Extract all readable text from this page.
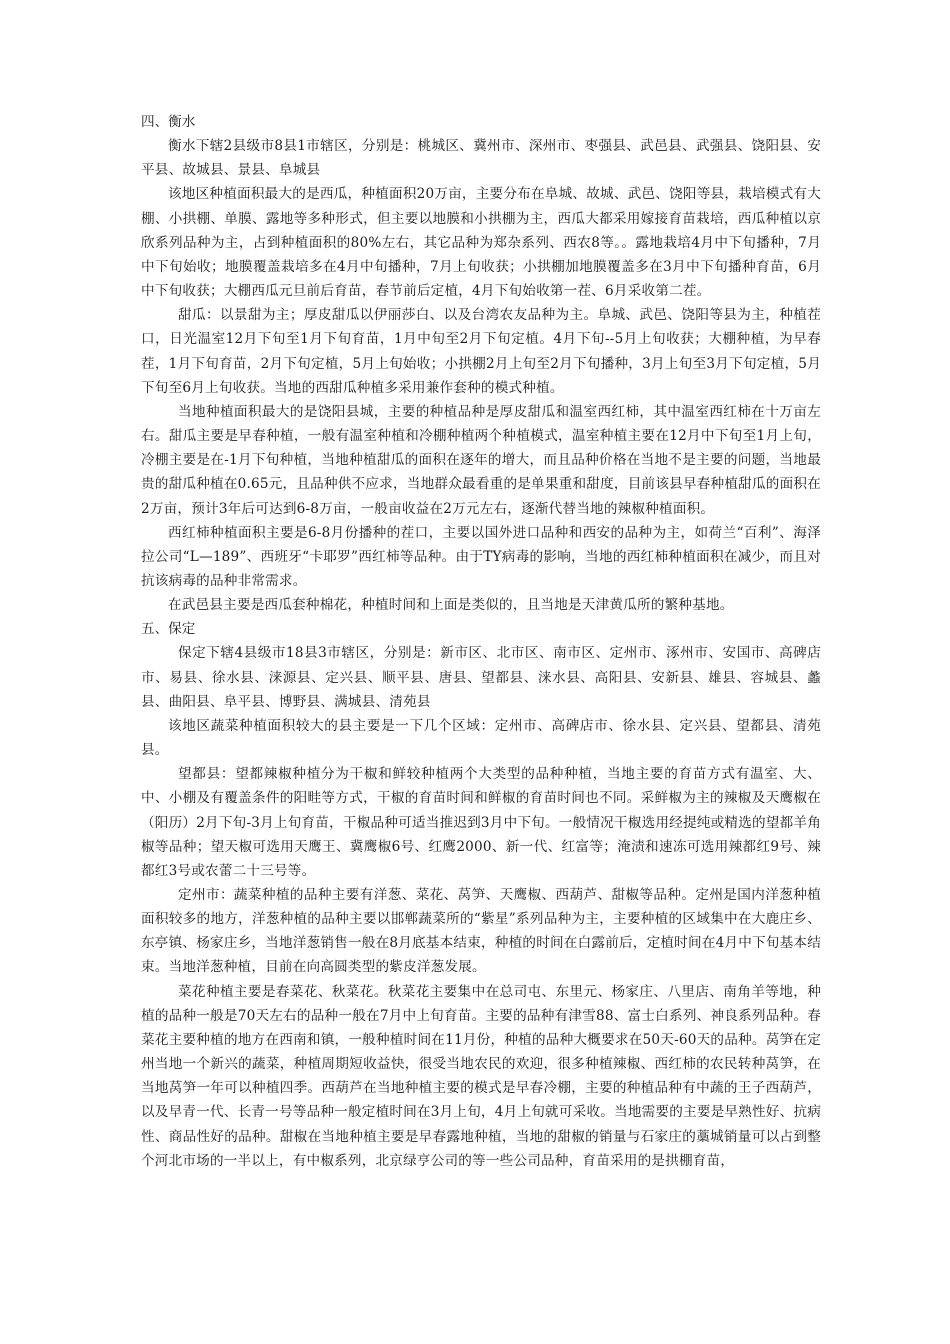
四、衡水

衡水下辖2县级市8县1市辖区，分别是：桃城区、冀州市、深州市、枣强县、武邑县、武强县、饶阳县、安平县、故城县、景县、阜城县

该地区种植面积最大的是西瓜，种植面积20万亩，主要分布在阜城、故城、武邑、饶阳等县，栽培模式有大棚、小拱棚、单膜、露地等多种形式，但主要以地膜和小拱棚为主，西瓜大都采用嫁接育苗栽培，西瓜种植以京欣系列品种为主，占到种植面积的80%左右，其它品种为郑杂系列、西农8等。。露地栽培4月中下旬播种，7月中下旬始收；地膜覆盖栽培多在4月中旬播种，7月上旬收获；小拱棚加地膜覆盖多在3月中下旬播种育苗，6月中下旬收获；大棚西瓜元旦前后育苗，春节前后定植，4月下旬始收第一茬、6月采收第二茬。

甜瓜：以景甜为主；厚皮甜瓜以伊丽莎白、以及台湾农友品种为主。阜城、武邑、饶阳等县为主，种植茬口，日光温室12月下旬至1月下旬育苗，1月中旬至2月下旬定植。4月下旬--5月上旬收获；大棚种植，为早春茬，1月下旬育苗，2月下旬定植，5月上旬始收；小拱棚2月上旬至2月下旬播种，3月上旬至3月下旬定植，5月下旬至6月上旬收获。当地的西甜瓜种植多采用兼作套种的模式种植。

当地种植面积最大的是饶阳县城，主要的种植品种是厚皮甜瓜和温室西红柿，其中温室西红柿在十万亩左右。甜瓜主要是早春种植，一般有温室种植和冷棚种植两个种植模式，温室种植主要在12月中下旬至1月上旬，冷棚主要是在-1月下旬种植，当地种植甜瓜的面积在逐年的增大，而且品种价格在当地不是主要的问题，当地最贵的甜瓜种植在0.65元，且品种供不应求，当地群众最看重的是单果重和甜度，目前该县早春种植甜瓜的面积在2万亩，预计3年后可达到6-8万亩，一般亩收益在2万元左右，逐渐代替当地的辣椒种植面积。

西红柿种植面积主要是6-8月份播种的茬口，主要以国外进口品种和西安的品种为主，如荷兰“百利”、海泽拉公司“L—189”、西班牙“卡耶罗”西红柿等品种。由于TY病毒的影响，当地的西红柿种植面积在减少，而且对抗该病毒的品种非常需求。

在武邑县主要是西瓜套种棉花，种植时间和上面是类似的，且当地是天津黄瓜所的繁种基地。

五、保定

保定下辖4县级市18县3市辖区，分别是：新市区、北市区、南市区、定州市、涿州市、安国市、高碑店市、易县、徐水县、涞源县、定兴县、顺平县、唐县、望都县、涞水县、高阳县、安新县、雄县、容城县、蠡县、曲阳县、阜平县、博野县、满城县、清苑县

该地区蔬菜种植面积较大的县主要是一下几个区域：定州市、高碑店市、徐水县、定兴县、望都县、清苑县。

望都县：望都辣椒种植分为干椒和鲜较种植两个大类型的品种种植，当地主要的育苗方式有温室、大、中、小棚及有覆盖条件的阳畦等方式，干椒的育苗时间和鲜椒的育苗时间也不同。采鲜椒为主的辣椒及天鹰椒在（阳历）2月下旬-3月上旬育苗，干椒品种可适当推迟到3月中下旬。一般情况干椒选用经提纯或精选的望都羊角椒等品种；望天椒可选用天鹰王、冀鹰椒6号、红鹰2000、新一代、红富等；淹渍和速冻可选用辣都红9号、辣都红3号或农蕾二十三号等。

定州市：蔬菜种植的品种主要有洋葱、菜花、莴笋、天鹰椒、西葫芦、甜椒等品种。定州是国内洋葱种植面积较多的地方，洋葱种植的品种主要以邯郸蔬菜所的“紫星”系列品种为主，主要种植的区域集中在大鹿庄乡、东亭镇、杨家庄乡，当地洋葱销售一般在8月底基本结束，种植的时间在白露前后，定植时间在4月中下旬基本结束。当地洋葱种植，目前在向高圆类型的紫皮洋葱发展。

菜花种植主要是春菜花、秋菜花。秋菜花主要集中在总司屯、东里元、杨家庄、八里店、南角羊等地，种植的品种一般是70天左右的品种一般在7月中上旬育苗。主要的品种有津雪88、富士白系列、神良系列品种。春菜花主要种植的地方在西南和镇，一般种植时间在11月份，种植的品种大概要求在50天-60天的品种。莴笋在定州当地一个新兴的蔬菜，种植周期短收益快，很受当地农民的欢迎，很多种植辣椒、西红柿的农民转种莴笋，在当地莴笋一年可以种植四季。西葫芦在当地种植主要的模式是早春冷棚，主要的种植品种有中蔬的王子西葫芦，以及早青一代、长青一号等品种一般定植时间在3月上旬，4月上旬就可采收。当地需要的主要是早熟性好、抗病性、商品性好的品种。甜椒在当地种植主要是早春露地种植，当地的甜椒的销量与石家庄的藁城销量可以占到整个河北市场的一半以上，有中椒系列，北京绿亨公司的等一些公司品种，育苗采用的是拱棚育苗，
